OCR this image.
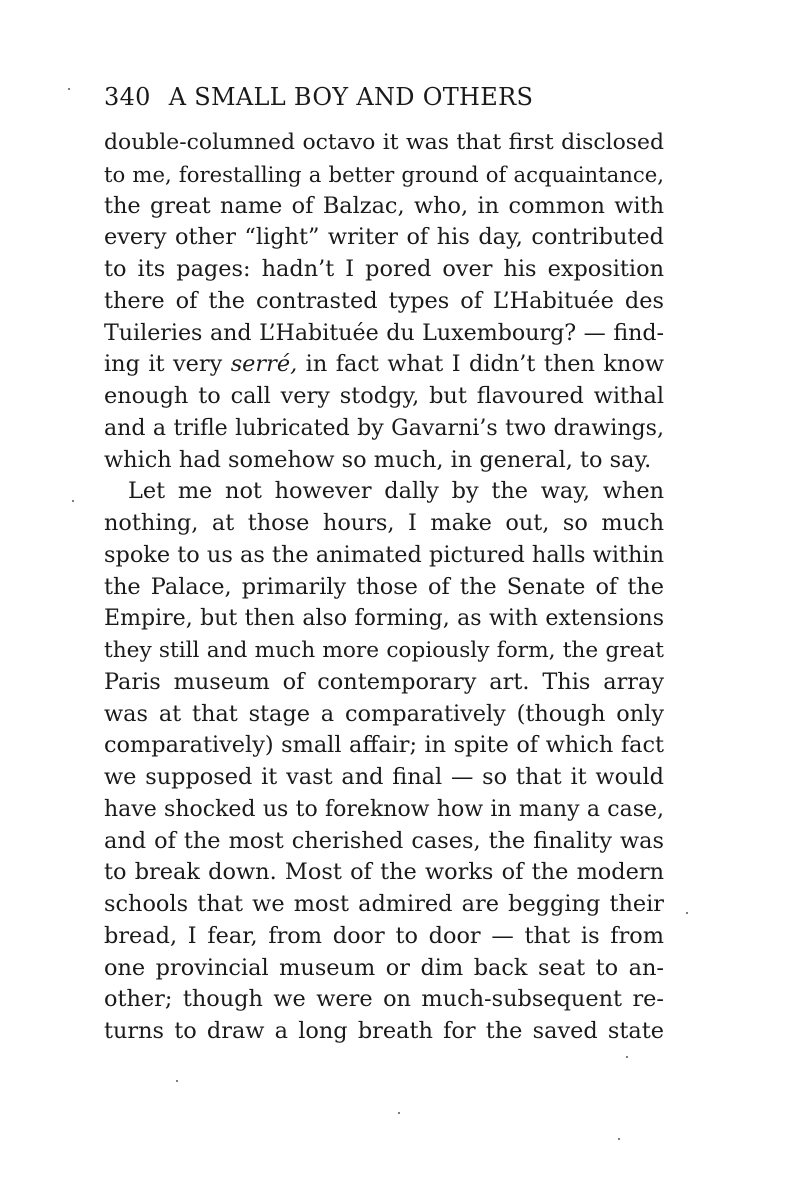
340 A SMALL BOY AND OTHERS
double-columned octavo it was that first disclosed
to me, forestalling a better ground of acquaintance,
the great name of Balzac, who, in common with
every other “light” writer of his day, contributed
to its pages: hadn’t I pored over his exposition
there of the contrasted types of L’Habituée des
Tuileries and L’Habituée du Luxembourg? — find-
ing it very serré, in fact what I didn’t then know
enough to call very stodgy, but flavoured withal
and a trifle lubricated by Gavarni’s two drawings,
which had somehow so much, in general, to say.
Let me not however dally by the way, when
nothing, at those hours, I make out, so much
spoke to us as the animated pictured halls within
the Palace, primarily those of the Senate of the
Empire, but then also forming, as with extensions
they still and much more copiously form, the great
Paris museum of contemporary art. This array
was at that stage a comparatively (though only
comparatively) small affair; in spite of which fact
we supposed it vast and final — so that it would
have shocked us to foreknow how in many a case,
and of the most cherished cases, the finality was
to break down. Most of the works of the modern
schools that we most admired are begging their
bread, I fear, from door to door — that is from
one provincial museum or dim back seat to an-
other; though we were on much-subsequent re-
turns to draw a long breath for the saved state
